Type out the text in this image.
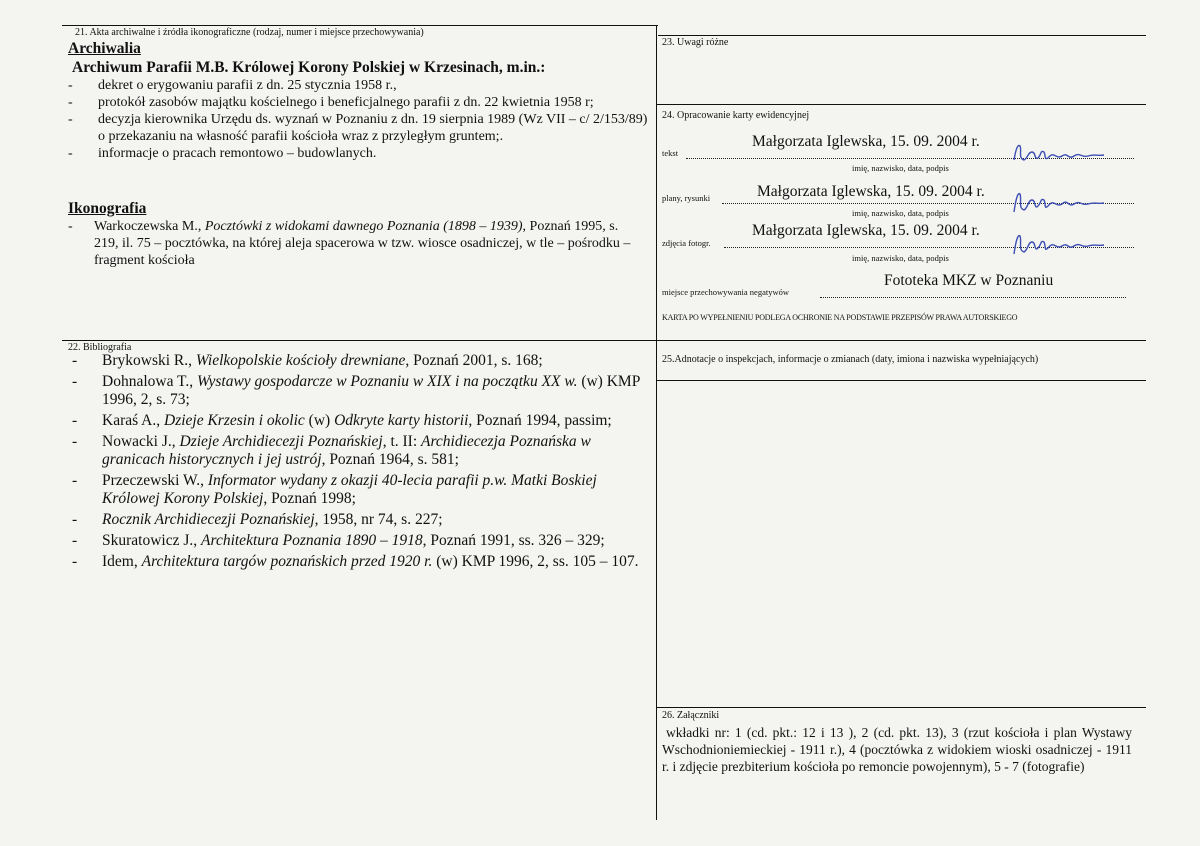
21. Akta archiwalne i źródła ikonograficzne (rodzaj, numer i miejsce przechowywania)
Archiwalia
Archiwum Parafii M.B. Królowej Korony Polskiej w Krzesinach, m.in.:
- dekret o erygowaniu parafii z dn. 25 stycznia 1958 r.,
- protokół zasobów majątku kościelnego i beneficjalnego parafii z dn. 22 kwietnia 1958 r;
- decyzja kierownika Urzędu ds. wyznań w Poznaniu z dn. 19 sierpnia 1989 (Wz VII – c/ 2/153/89) o przekazaniu na własność parafii kościoła wraz z przyległym gruntem;.
- informacje o pracach remontowo – budowlanych.
Ikonografia
- Warkoczewska M., Pocztówki z widokami dawnego Poznania (1898 – 1939), Poznań 1995, s. 219, il. 75 – pocztówka, na której aleja spacerowa w tzw. wiosce osadniczej, w tle – pośrodku – fragment kościoła
22. Bibliografia
- Brykowski R., Wielkopolskie kościoły drewniane, Poznań 2001, s. 168;
- Dohnalowa T., Wystawy gospodarcze w Poznaniu w XIX i na początku XX w. (w) KMP 1996, 2, s. 73;
- Karaś A., Dzieje Krzesin i okolic (w) Odkryte karty historii, Poznań 1994, passim;
- Nowacki J., Dzieje Archidiecezji Poznańskiej, t. II: Archidiecezja Poznańska w granicach historycznych i jej ustrój, Poznań 1964, s. 581;
- Przeczewski W., Informator wydany z okazji 40-lecia parafii p.w. Matki Boskiej Królowej Korony Polskiej, Poznań 1998;
- Rocznik Archidiecezji Poznańskiej, 1958, nr 74, s. 227;
- Skuratowicz J., Architektura Poznania 1890 – 1918, Poznań 1991, ss. 326 – 329;
- Idem, Architektura targów poznańskich przed 1920 r. (w) KMP 1996, 2, ss. 105 – 107.
23. Uwagi różne
24. Opracowanie karty ewidencyjnej
Małgorzata Iglewska, 15. 09. 2004 r.
tekst
imię, nazwisko, data, podpis
Małgorzata Iglewska, 15. 09. 2004 r.
plany, rysunki
imię, nazwisko, data, podpis
Małgorzata Iglewska, 15. 09. 2004 r.
zdjęcia fotogr.
imię, nazwisko, data, podpis
Fototeka MKZ w Poznaniu
miejsce przechowywania negatywów
KARTA PO WYPEŁNIENIU PODLEGA OCHRONIE NA PODSTAWIE PRZEPISÓW PRAWA AUTORSKIEGO
25.Adnotacje o inspekcjach, informacje o zmianach (daty, imiona i nazwiska wypełniających)
26. Załączniki
wkładki nr: 1 (cd. pkt.: 12 i 13 ), 2 (cd. pkt. 13), 3 (rzut kościoła i plan Wystawy Wschodnioniemieckiej - 1911 r.), 4 (pocztówka z widokiem wioski osadniczej - 1911 r. i zdjęcie prezbiterium kościoła po remoncie powojennym), 5 - 7 (fotografie)
